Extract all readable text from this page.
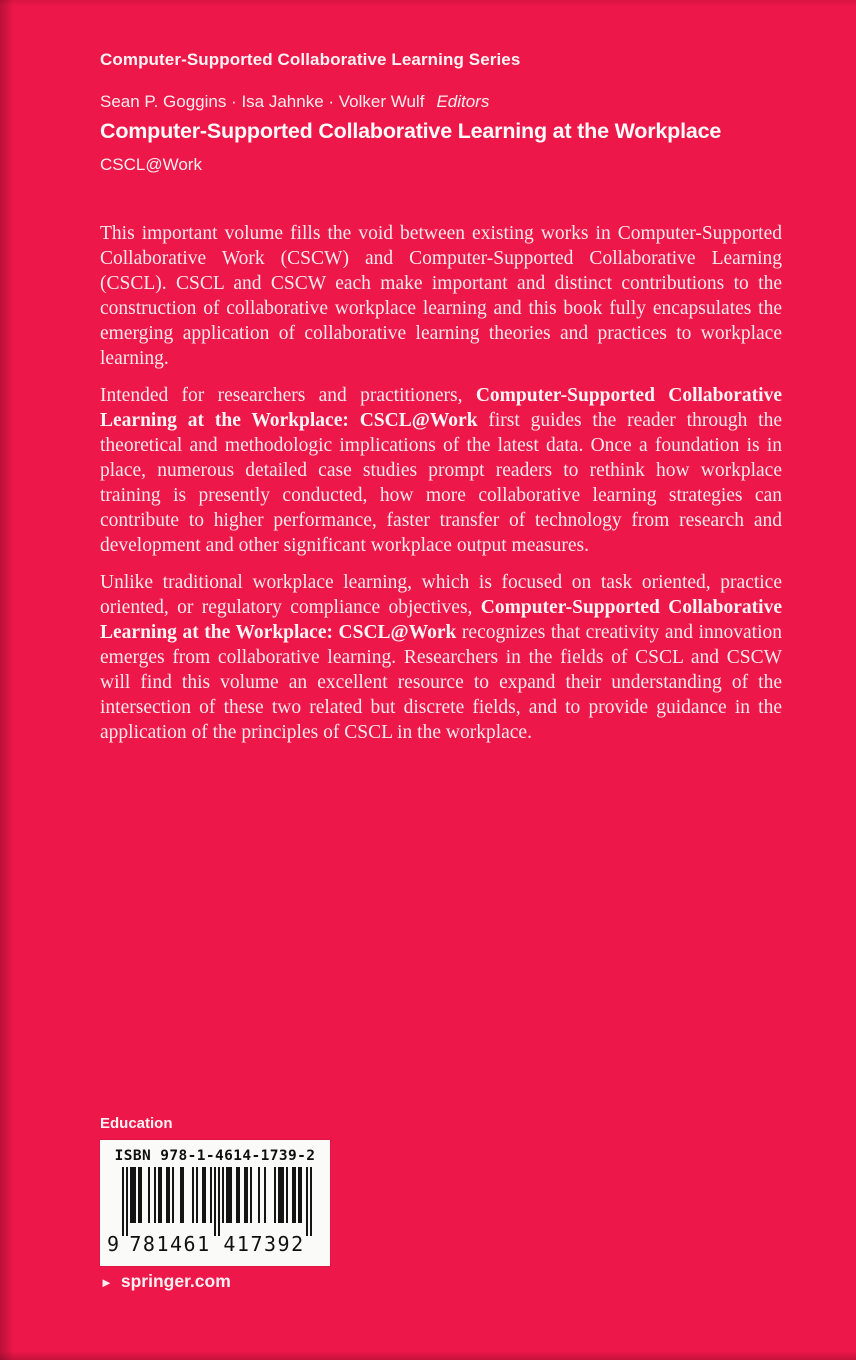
Computer-Supported Collaborative Learning Series
Sean P. Goggins · Isa Jahnke · Volker Wulf Editors
Computer-Supported Collaborative Learning at the Workplace
CSCL@Work

This important volume fills the void between existing works in Computer-Supported Collaborative Work (CSCW) and Computer-Supported Collaborative Learning (CSCL). CSCL and CSCW each make important and distinct contributions to the construction of collaborative workplace learning and this book fully encapsulates the emerging application of collaborative learning theories and practices to workplace learning.

Intended for researchers and practitioners, Computer-Supported Collaborative Learning at the Workplace: CSCL@Work first guides the reader through the theoretical and methodologic implications of the latest data. Once a foundation is in place, numerous detailed case studies prompt readers to rethink how workplace training is presently conducted, how more collaborative learning strategies can contribute to higher performance, faster transfer of technology from research and development and other significant workplace output measures.

Unlike traditional workplace learning, which is focused on task oriented, practice oriented, or regulatory compliance objectives, Computer-Supported Collaborative Learning at the Workplace: CSCL@Work recognizes that creativity and innovation emerges from collaborative learning. Researchers in the fields of CSCL and CSCW will find this volume an excellent resource to expand their understanding of the intersection of these two related but discrete fields, and to provide guidance in the application of the principles of CSCL in the workplace.

Education
ISBN 978-1-4614-1739-2
9 781461 417392
► springer.com
